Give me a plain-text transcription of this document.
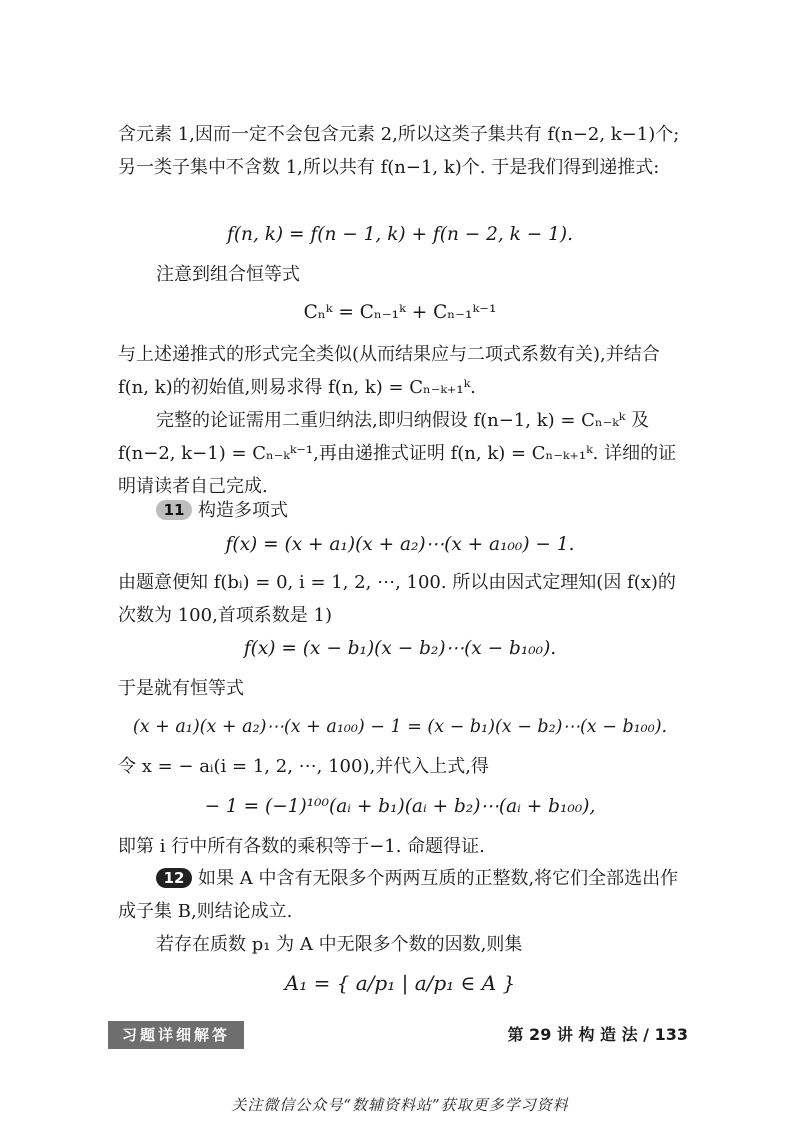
含元素 1,因而一定不会包含元素 2,所以这类子集共有 f(n−2, k−1)个;另一类子集中不含数 1,所以共有 f(n−1, k)个. 于是我们得到递推式:

f(n, k) = f(n − 1, k) + f(n − 2, k − 1).

注意到组合恒等式

Cₙᵏ = Cₙ₋₁ᵏ + Cₙ₋₁ᵏ⁻¹

与上述递推式的形式完全类似(从而结果应与二项式系数有关),并结合 f(n, k)的初始值,则易求得 f(n, k) = Cₙ₋ₖ₊₁ᵏ.

完整的论证需用二重归纳法,即归纳假设 f(n−1, k) = Cₙ₋ₖᵏ 及 f(n−2, k−1) = Cₙ₋ₖᵏ⁻¹,再由递推式证明 f(n, k) = Cₙ₋ₖ₊₁ᵏ. 详细的证明请读者自己完成.

11 构造多项式

f(x) = (x + a₁)(x + a₂)⋯(x + a₁₀₀) − 1.

由题意便知 f(bᵢ) = 0, i = 1, 2, ⋯, 100. 所以由因式定理知(因 f(x)的次数为 100,首项系数是 1)

f(x) = (x − b₁)(x − b₂)⋯(x − b₁₀₀).

于是就有恒等式

(x + a₁)(x + a₂)⋯(x + a₁₀₀) − 1 = (x − b₁)(x − b₂)⋯(x − b₁₀₀).

令 x = − aᵢ(i = 1, 2, ⋯, 100),并代入上式,得

− 1 = (−1)¹⁰⁰(aᵢ + b₁)(aᵢ + b₂)⋯(aᵢ + b₁₀₀),

即第 i 行中所有各数的乘积等于−1. 命题得证.

12 如果 A 中含有无限多个两两互质的正整数,将它们全部选出作成子集 B,则结论成立.

若存在质数 p₁ 为 A 中无限多个数的因数,则集

A₁ = { a/p₁ | a/p₁ ∈ A }
习题详细解答	第 29 讲 构 造 法 / 133
关注微信公众号“数辅资料站”获取更多学习资料
